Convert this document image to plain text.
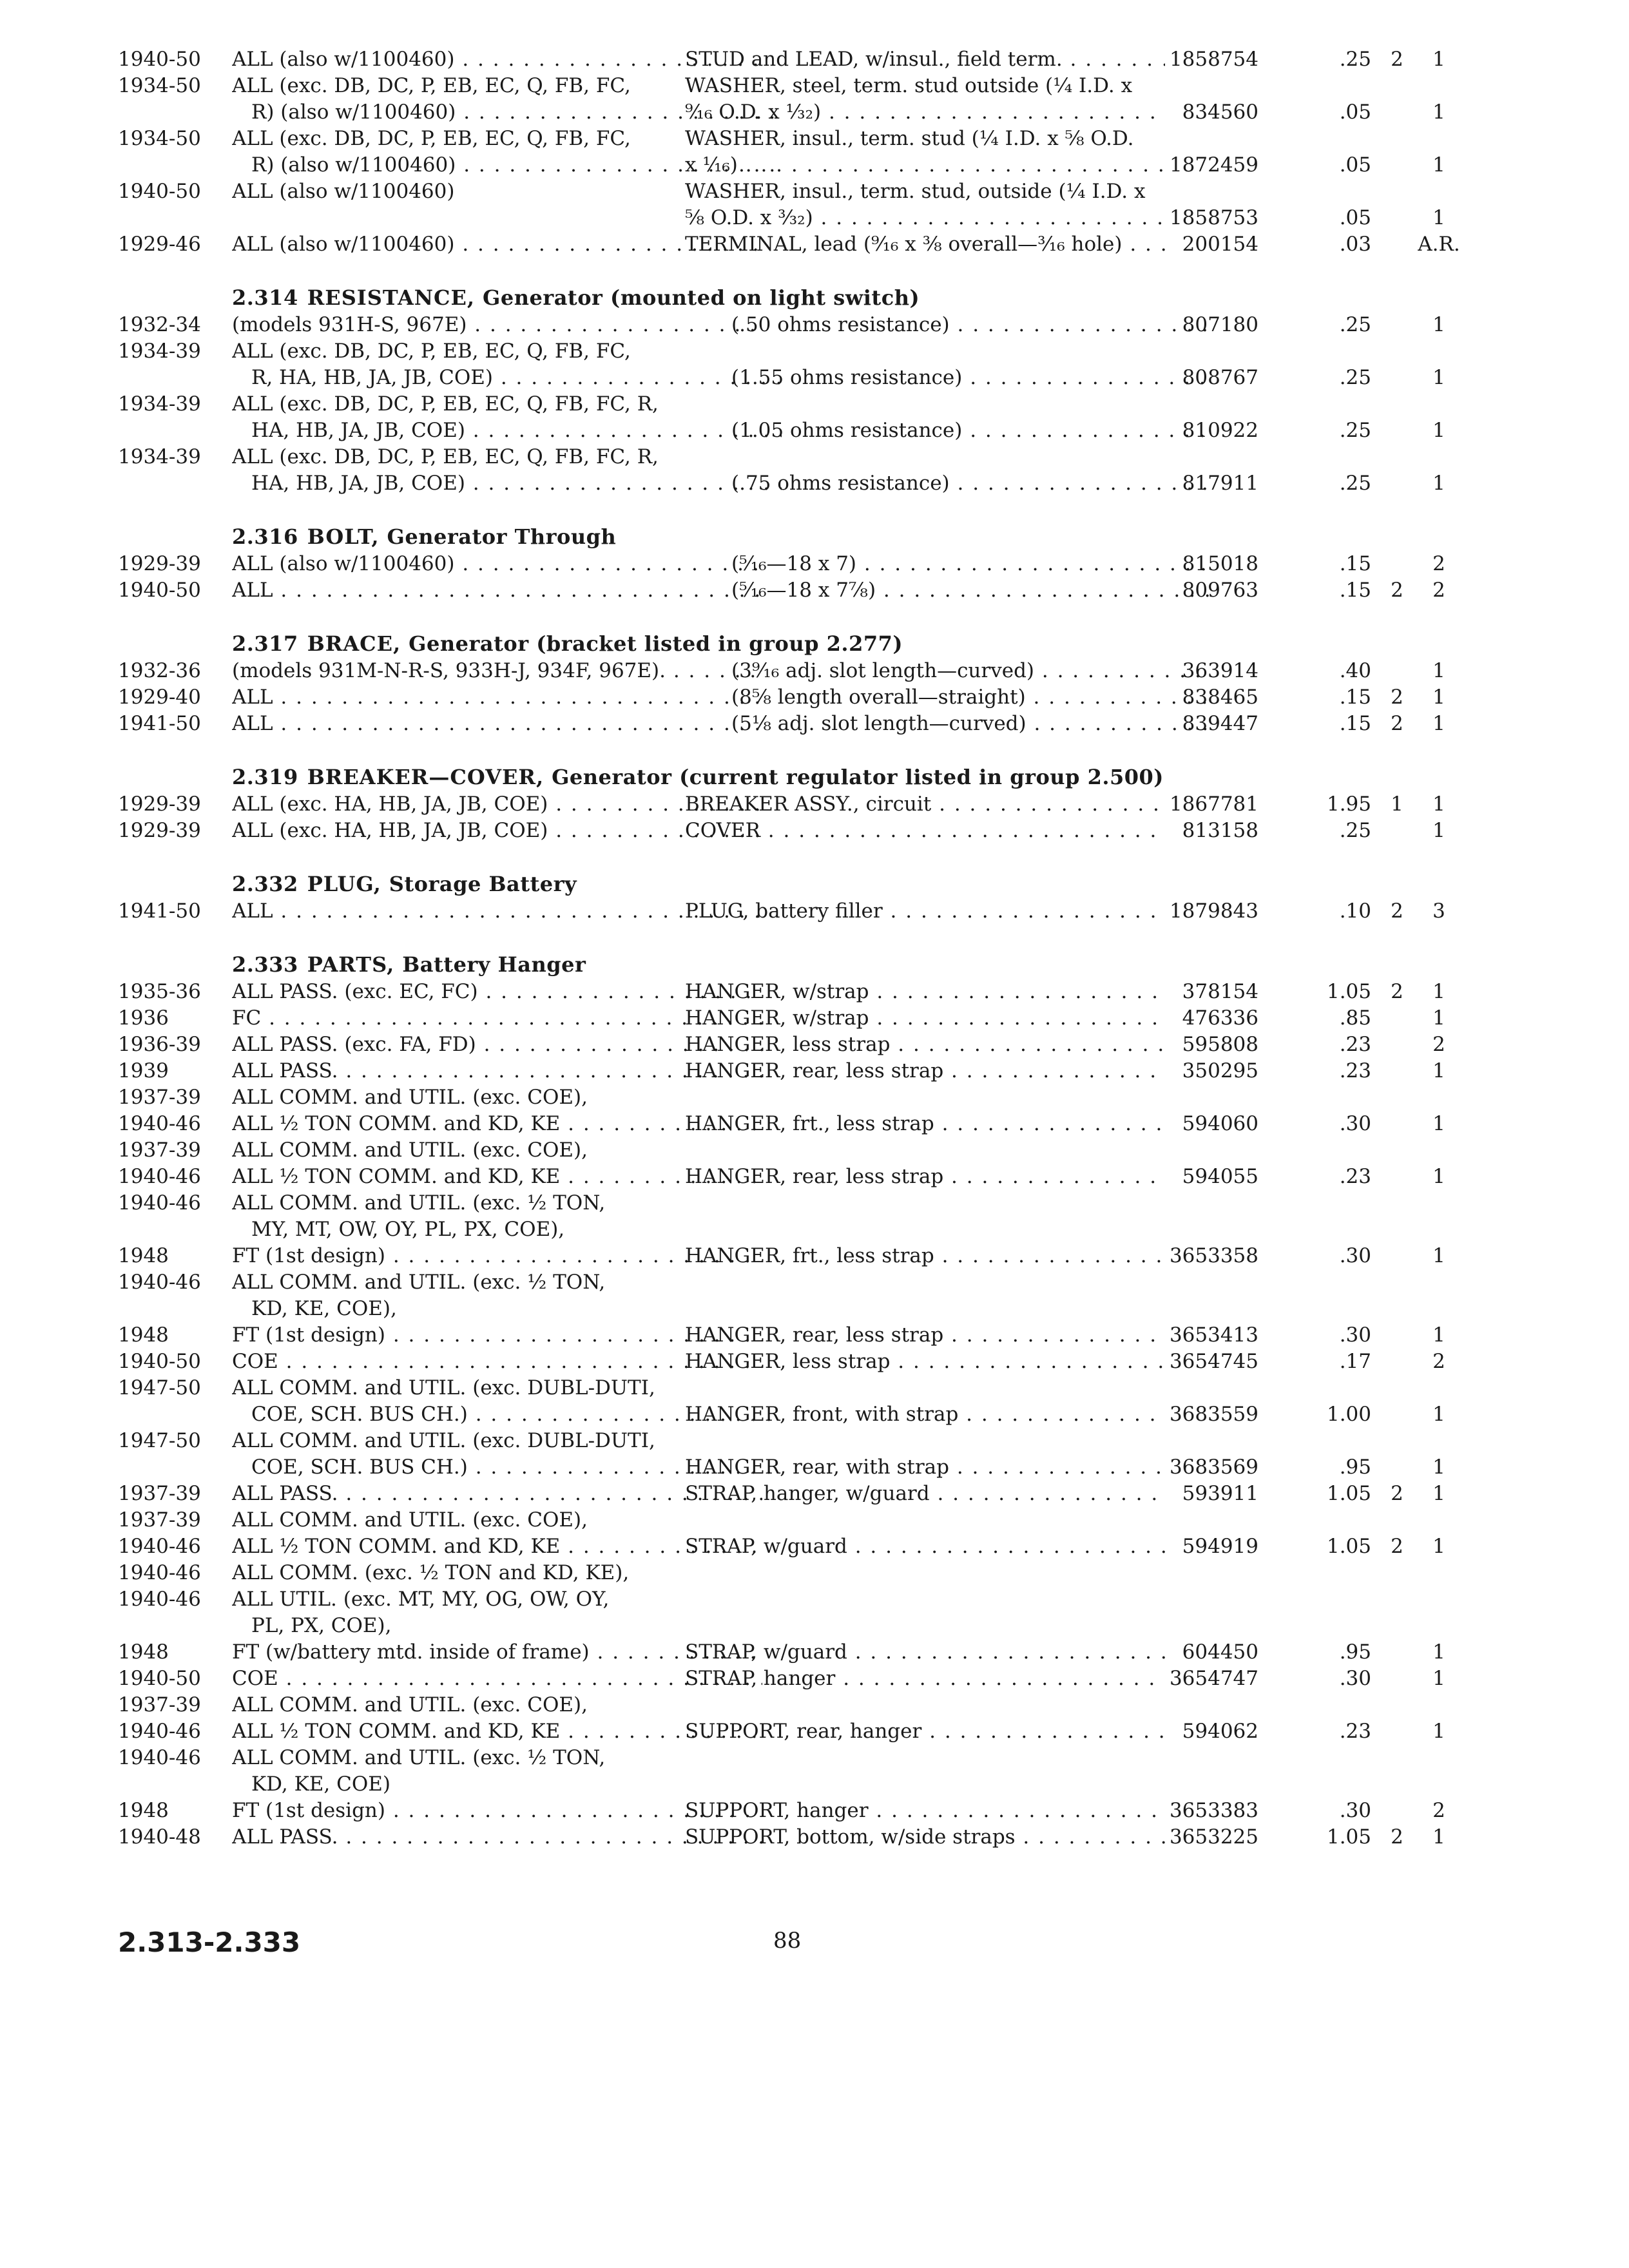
1940-50	ALL (also w/1100460) . . .	STUD and LEAD, w/insul., field term. . . .	1858754	.25 2	1
1934-50	ALL (exc. DB, DC, P, EB, EC, Q, FB, FC,	WASHER, steel, term. stud outside (¼ I.D. x
R) (also w/1100460) . . .	⁹⁄₁₆ O.D. x ¹⁄₃₂) . . .	834560	.05	1
1934-50	ALL (exc. DB, DC, P, EB, EC, Q, FB, FC,	WASHER, insul., term. stud (¼ I.D. x ⅝ O.D.
R) (also w/1100460) . . .	x ¹⁄₁₆) . . .	1872459	.05	1
1940-50	ALL (also w/1100460)	WASHER, insul., term. stud, outside (¼ I.D. x
⅝ O.D. x ³⁄₃₂) . . .	1858753	.05	1
1929-46	ALL (also w/1100460) . . .	TERMINAL, lead (⁹⁄₁₆ x ⅜ overall—³⁄₁₆ hole) . . .	200154	.03	A.R.
2.314 RESISTANCE, Generator (mounted on light switch)
1932-34	(models 931H-S, 967E) . . .	(.50 ohms resistance) . . .	807180	.25	1
1934-39	ALL (exc. DB, DC, P, EB, EC, Q, FB, FC,
R, HA, HB, JA, JB, COE) . . .	(1.55 ohms resistance) . . .	808767	.25	1
1934-39	ALL (exc. DB, DC, P, EB, EC, Q, FB, FC, R,
HA, HB, JA, JB, COE) . . .	(1.05 ohms resistance) . . .	810922	.25	1
1934-39	ALL (exc. DB, DC, P, EB, EC, Q, FB, FC, R,
HA, HB, JA, JB, COE) . . .	(.75 ohms resistance) . . .	817911	.25	1
2.316 BOLT, Generator Through
1929-39	ALL (also w/1100460) . . .	(⁵⁄₁₆—18 x 7) . . .	815018	.15	2
1940-50	ALL . . .	(⁵⁄₁₆—18 x 7⅞) . . .	809763	.15 2	2
2.317 BRACE, Generator (bracket listed in group 2.277)
1932-36	(models 931M-N-R-S, 933H-J, 934F, 967E). . . .	(3⁹⁄₁₆ adj. slot length—curved) . . .	363914	.40	1
1929-40	ALL . . .	(8⅝ length overall—straight) . . .	838465	.15 2	1
1941-50	ALL . . .	(5⅛ adj. slot length—curved) . . .	839447	.15 2	1
2.319 BREAKER—COVER, Generator (current regulator listed in group 2.500)
1929-39	ALL (exc. HA, HB, JA, JB, COE) . . .	BREAKER ASSY., circuit . . .	1867781	1.95 1	1
1929-39	ALL (exc. HA, HB, JA, JB, COE) . . .	COVER . . .	813158	.25	1
2.332 PLUG, Storage Battery
1941-50	ALL . . .	PLUG, battery filler . . .	1879843	.10 2	3
2.333 PARTS, Battery Hanger
1935-36	ALL PASS. (exc. EC, FC) . . .	HANGER, w/strap . . .	378154	1.05 2	1
1936	FC . . .	HANGER, w/strap . . .	476336	.85	1
1936-39	ALL PASS. (exc. FA, FD) . . .	HANGER, less strap . . .	595808	.23	2
1939	ALL PASS. . . .	HANGER, rear, less strap . . .	350295	.23	1
1937-39	ALL COMM. and UTIL. (exc. COE),
1940-46	ALL ½ TON COMM. and KD, KE . . .	HANGER, frt., less strap . . .	594060	.30	1
1937-39	ALL COMM. and UTIL. (exc. COE),
1940-46	ALL ½ TON COMM. and KD, KE . . .	HANGER, rear, less strap . . .	594055	.23	1
1940-46	ALL COMM. and UTIL. (exc. ½ TON,
MY, MT, OW, OY, PL, PX, COE),
1948	FT (1st design) . . .	HANGER, frt., less strap . . .	3653358	.30	1
1940-46	ALL COMM. and UTIL. (exc. ½ TON,
KD, KE, COE),
1948	FT (1st design) . . .	HANGER, rear, less strap . . .	3653413	.30	1
1940-50	COE . . .	HANGER, less strap . . .	3654745	.17	2
1947-50	ALL COMM. and UTIL. (exc. DUBL-DUTI,
COE, SCH. BUS CH.) . . .	HANGER, front, with strap . . .	3683559	1.00	1
1947-50	ALL COMM. and UTIL. (exc. DUBL-DUTI,
COE, SCH. BUS CH.) . . .	HANGER, rear, with strap . . .	3683569	.95	1
1937-39	ALL PASS. . . .	STRAP, hanger, w/guard . . .	593911	1.05 2	1
1937-39	ALL COMM. and UTIL. (exc. COE),
1940-46	ALL ½ TON COMM. and KD, KE . . .	STRAP, w/guard . . .	594919	1.05 2	1
1940-46	ALL COMM. (exc. ½ TON and KD, KE),
1940-46	ALL UTIL. (exc. MT, MY, OG, OW, OY,
PL, PX, COE),
1948	FT (w/battery mtd. inside of frame) . . .	STRAP, w/guard . . .	604450	.95	1
1940-50	COE . . .	STRAP, hanger . . .	3654747	.30	1
1937-39	ALL COMM. and UTIL. (exc. COE),
1940-46	ALL ½ TON COMM. and KD, KE . . .	SUPPORT, rear, hanger . . .	594062	.23	1
1940-46	ALL COMM. and UTIL. (exc. ½ TON,
KD, KE, COE)
1948	FT (1st design) . . .	SUPPORT, hanger . . .	3653383	.30	2
1940-48	ALL PASS. . . .	SUPPORT, bottom, w/side straps . . .	3653225	1.05 2	1
2.313-2.333	88
